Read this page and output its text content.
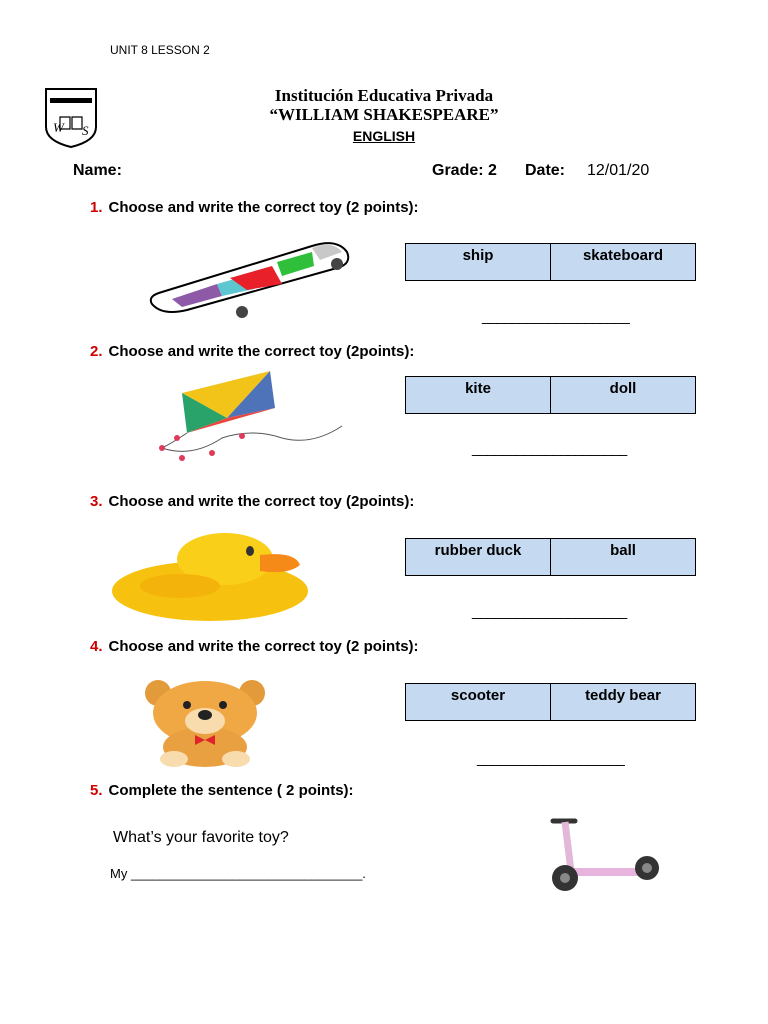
UNIT 8 LESSON 2
W S
Institución Educativa Privada
“WILLIAM SHAKESPEARE”
ENGLISH
Name:	Grade: 2 Date: 12/01/20
1. Choose and write the correct toy (2 points):
ship	skateboard
____________________
2. Choose and write the correct toy (2points):
kite	doll
_____________________
3. Choose and write the correct toy (2points):
rubber duck	ball
_____________________
4. Choose and write the correct toy (2 points):
scooter	teddy bear
____________________
5. Complete the sentence ( 2 points):
What’s your favorite toy?
My ________________________________.
